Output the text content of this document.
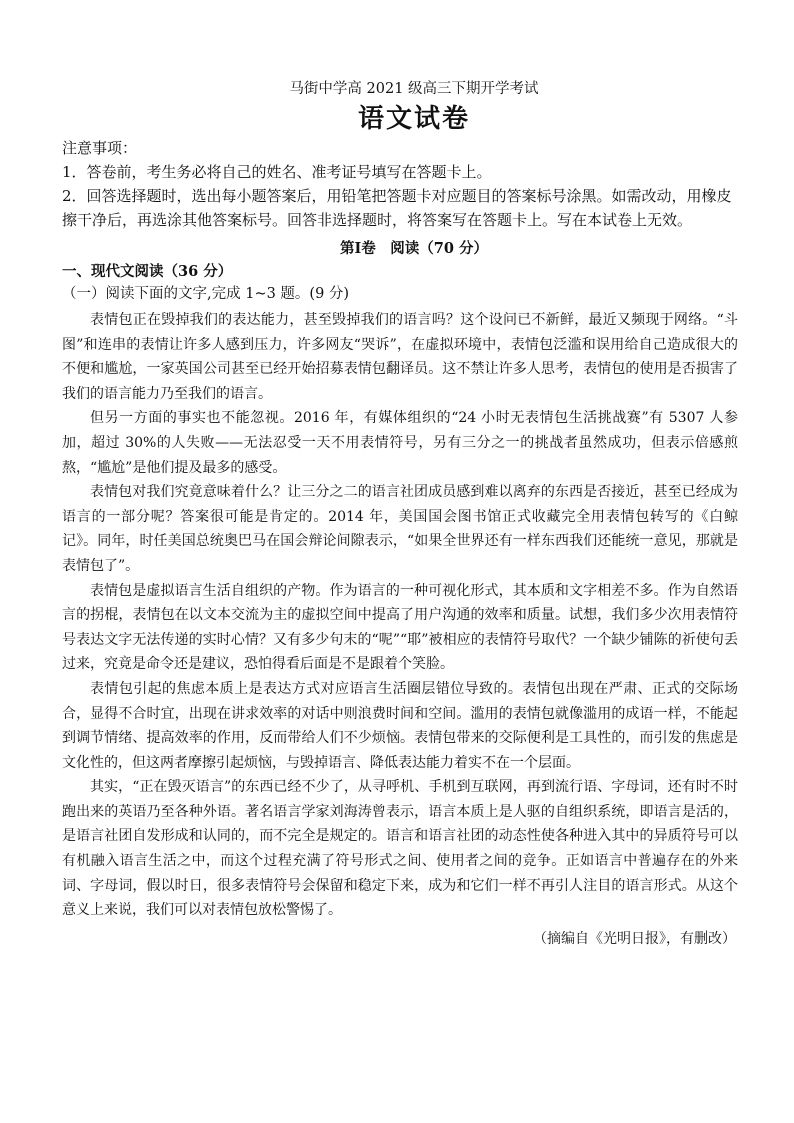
马街中学高 2021 级高三下期开学考试
语文试卷

注意事项：

1．答卷前，考生务必将自己的姓名、准考证号填写在答题卡上。

2．回答选择题时，选出每小题答案后，用铅笔把答题卡对应题目的答案标号涂黑。如需改动，用橡皮擦干净后，再选涂其他答案标号。回答非选择题时，将答案写在答题卡上。写在本试卷上无效。

第Ⅰ卷　阅读（70 分）
一、现代文阅读（36 分）
（一）阅读下面的文字,完成 1~3 题。(9 分)

表情包正在毁掉我们的表达能力，甚至毁掉我们的语言吗？这个设问已不新鲜，最近又频现于网络。“斗图”和连串的表情让许多人感到压力，许多网友“哭诉”，在虚拟环境中，表情包泛滥和误用给自己造成很大的不便和尴尬，一家英国公司甚至已经开始招募表情包翻译员。这不禁让许多人思考，表情包的使用是否损害了我们的语言能力乃至我们的语言。

但另一方面的事实也不能忽视。2016 年，有媒体组织的“24 小时无表情包生活挑战赛”有 5307 人参加，超过 30%的人失败——无法忍受一天不用表情符号，另有三分之一的挑战者虽然成功，但表示倍感煎熬，“尴尬”是他们提及最多的感受。

表情包对我们究竟意味着什么？让三分之二的语言社团成员感到难以离弃的东西是否接近，甚至已经成为语言的一部分呢？答案很可能是肯定的。2014 年，美国国会图书馆正式收藏完全用表情包转写的《白鲸记》。同年，时任美国总统奥巴马在国会辩论间隙表示，“如果全世界还有一样东西我们还能统一意见，那就是表情包了”。

表情包是虚拟语言生活自组织的产物。作为语言的一种可视化形式，其本质和文字相差不多。作为自然语言的拐棍，表情包在以文本交流为主的虚拟空间中提高了用户沟通的效率和质量。试想，我们多少次用表情符号表达文字无法传递的实时心情？又有多少句末的“呢”“耶”被相应的表情符号取代？一个缺少铺陈的祈使句丢过来，究竟是命令还是建议，恐怕得看后面是不是跟着个笑脸。

表情包引起的焦虑本质上是表达方式对应语言生活圈层错位导致的。表情包出现在严肃、正式的交际场合，显得不合时宜，出现在讲求效率的对话中则浪费时间和空间。滥用的表情包就像滥用的成语一样，不能起到调节情绪、提高效率的作用，反而带给人们不少烦恼。表情包带来的交际便利是工具性的，而引发的焦虑是文化性的，但这两者摩擦引起烦恼，与毁掉语言、降低表达能力着实不在一个层面。

其实，“正在毁灭语言”的东西已经不少了，从寻呼机、手机到互联网，再到流行语、字母词，还有时不时跑出来的英语乃至各种外语。著名语言学家刘海涛曾表示，语言本质上是人驱的自组织系统，即语言是活的，是语言社团自发形成和认同的，而不完全是规定的。语言和语言社团的动态性使各种进入其中的异质符号可以有机融入语言生活之中，而这个过程充满了符号形式之间、使用者之间的竞争。正如语言中普遍存在的外来词、字母词，假以时日，很多表情符号会保留和稳定下来，成为和它们一样不再引人注目的语言形式。从这个意义上来说，我们可以对表情包放松警惕了。

（摘编自《光明日报》，有删改）
